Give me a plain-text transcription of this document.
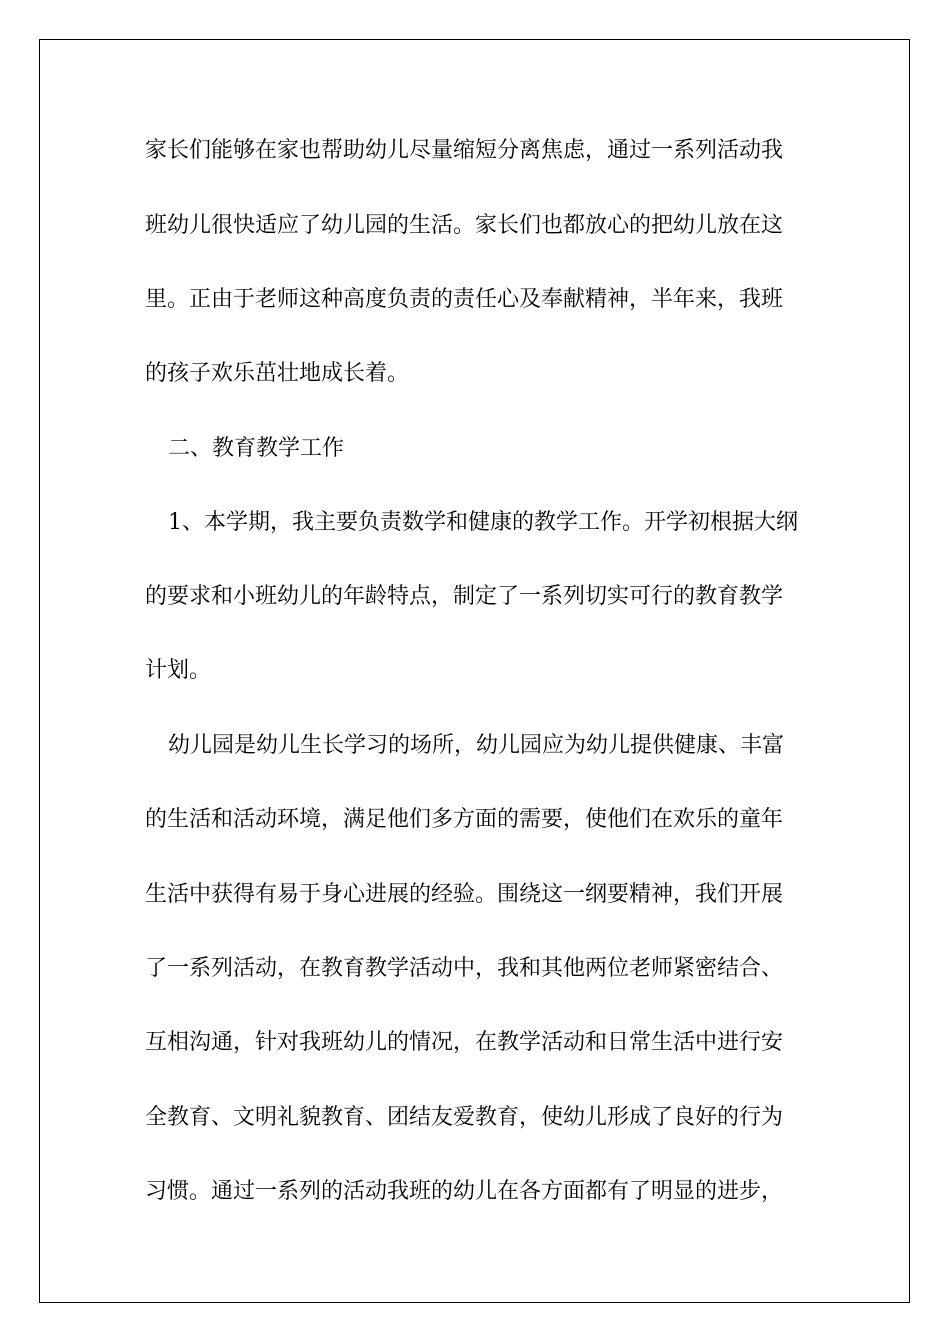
家长们能够在家也帮助幼儿尽量缩短分离焦虑，通过一系列活动我
班幼儿很快适应了幼儿园的生活。家长们也都放心的把幼儿放在这
里。正由于老师这种高度负责的责任心及奉献精神，半年来，我班
的孩子欢乐茁壮地成长着。
二、教育教学工作
1、本学期，我主要负责数学和健康的教学工作。开学初根据大纲
的要求和小班幼儿的年龄特点，制定了一系列切实可行的教育教学
计划。
幼儿园是幼儿生长学习的场所，幼儿园应为幼儿提供健康、丰富
的生活和活动环境，满足他们多方面的需要，使他们在欢乐的童年
生活中获得有易于身心进展的经验。围绕这一纲要精神，我们开展
了一系列活动，在教育教学活动中，我和其他两位老师紧密结合、
互相沟通，针对我班幼儿的情况，在教学活动和日常生活中进行安
全教育、文明礼貌教育、团结友爱教育，使幼儿形成了良好的行为
习惯。通过一系列的活动我班的幼儿在各方面都有了明显的进步，
